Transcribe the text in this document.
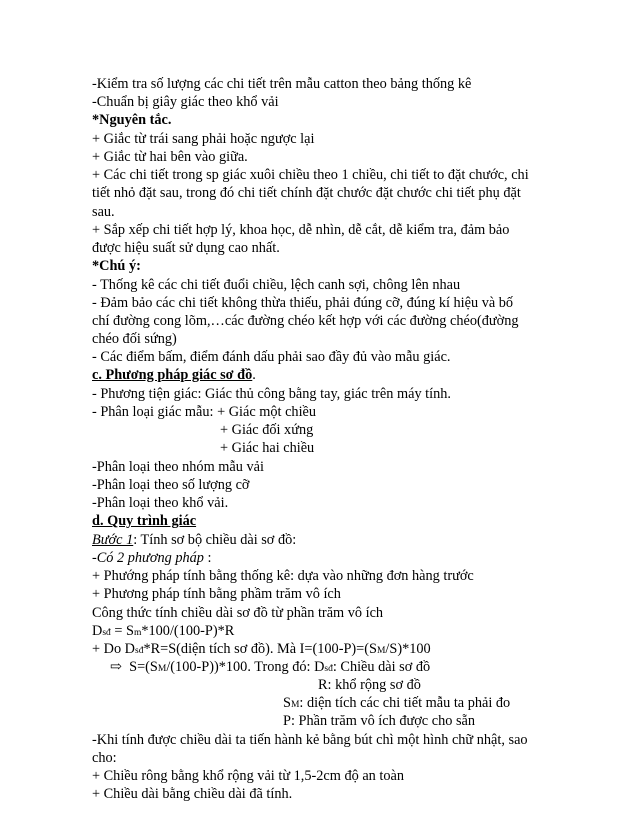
-Kiểm tra số lượng các chi tiết trên mẫu catton theo bảng thống kê
-Chuẩn bị giây giác theo khổ vải
*Nguyên tắc.
+ Giắc từ trái sang phải hoặc ngược lại
+ Giắc từ hai bên vào giữa.
+ Các chi tiết trong sp giác xuôi chiều theo 1 chiều, chi tiết to đặt chước, chi
tiết nhỏ đặt sau, trong đó chi tiết chính đặt chước đặt chước chi tiết phụ đặt
sau.
+ Sắp xếp chi tiết hợp lý, khoa học, dễ nhìn, dễ cắt, dễ kiểm tra, đảm bảo
được hiệu suất sử dụng cao nhất.
*Chú ý:
- Thống kê các chi tiết đuổi chiều, lệch canh sợi, chông lên nhau
- Đảm bảo các chi tiết không thừa thiếu, phải đúng cỡ, đúng kí hiệu và bố
chí đường cong lõm,…các đường chéo kết hợp với các đường chéo(đường
chéo đối sứng)
- Các điểm bấm, điểm đánh dấu phải sao đầy đủ vào mẫu giác.
c. Phương pháp giác sơ đồ.
- Phương tiện giác: Giác thủ công bằng tay, giác trên máy tính.
- Phân loại giác mẫu: + Giác một chiều
+ Giác đối xứng
+ Giác hai chiều
-Phân loại theo nhóm mẫu vải
-Phân loại theo số lượng cỡ
-Phân loại theo khổ vải.
d. Quy trình giác
Bước 1: Tính sơ bộ chiều dài sơ đồ:
-Có 2 phương pháp :
+ Phướng pháp tính bằng thống kê: dựa vào những đơn hàng trước
+ Phương pháp tính bằng phầm trăm vô ích
Công thức tính chiều dài sơ đồ từ phần trăm vô ích
Dsđ = Sm*100/(100-P)*R
+ Do Dsđ*R=S(diện tích sơ đồ). Mà I=(100-P)=(SM/S)*100
⇨ S=(SM/(100-P))*100. Trong đó: Dsđ: Chiều dài sơ đồ
R: khổ rộng sơ đồ
SM: diện tích các chi tiết mẫu ta phải đo
P: Phần trăm vô ích được cho sẵn
-Khi tính được chiều dài ta tiến hành kẻ bằng bút chì một hình chữ nhật, sao
cho:
+ Chiều rông bằng khổ rộng vải từ 1,5-2cm độ an toàn
+ Chiều dài bằng chiều dài đã tính.
